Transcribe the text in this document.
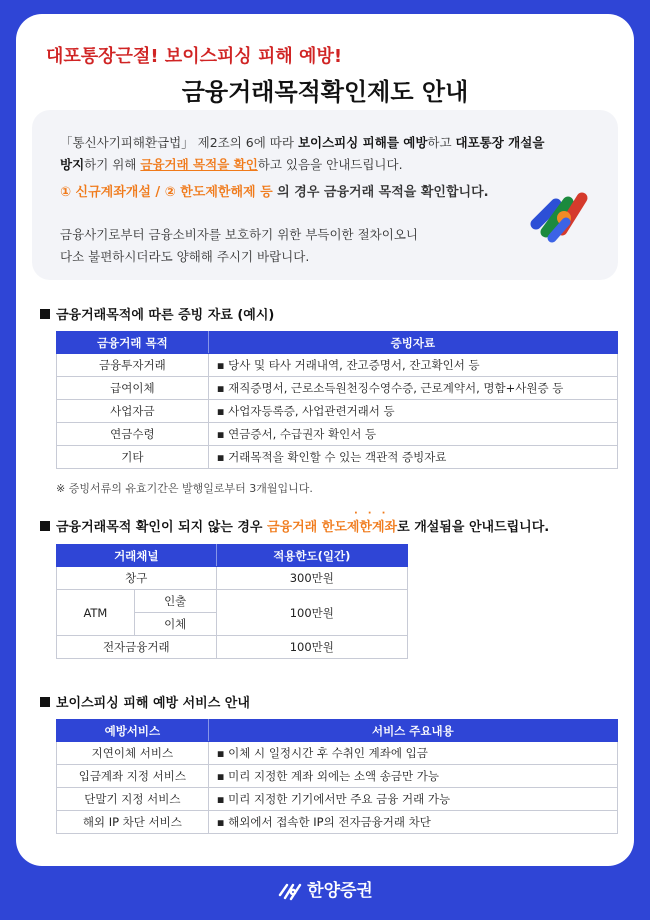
대포통장근절! 보이스피싱 피해 예방!
금융거래목적확인제도 안내

「통신사기피해환급법」 제2조의 6에 따라 보이스피싱 피해를 예방하고 대포통장 개설을
방지하기 위해 금융거래 목적을 확인하고 있음을 안내드립니다.

① 신규계좌개설 / ② 한도제한해제 등 의 경우 금융거래 목적을 확인합니다.

금융사기로부터 금융소비자를 보호하기 위한 부득이한 절차이오니
다소 불편하시더라도 양해해 주시기 바랍니다.

금융거래목적에 따른 증빙 자료 (예시)
금융거래 목적	증빙자료
금융투자거래	▪ 당사 및 타사 거래내역, 잔고증명서, 잔고확인서 등
급여이체	▪ 재직증명서, 근로소득원천징수영수증, 근로계약서, 명함+사원증 등
사업자금	▪ 사업자등록증, 사업관련거래서 등
연금수령	▪ 연금증서, 수급권자 확인서 등
기타	▪ 거래목적을 확인할 수 있는 객관적 증빙자료
※ 증빙서류의 유효기간은 발행일로부터 3개월입니다.
···
금융거래목적 확인이 되지 않는 경우 금융거래 한도제한계좌로 개설됨을 안내드립니다.
거래채널		적용한도(일간)
창구		300만원
ATM	인출	100만원
	이체	
전자금융거래		100만원
보이스피싱 피해 예방 서비스 안내
예방서비스	서비스 주요내용
지연이체 서비스	▪ 이체 시 일정시간 후 수취인 계좌에 입금
입금계좌 지정 서비스	▪ 미리 지정한 계좌 외에는 소액 송금만 가능
단말기 지정 서비스	▪ 미리 지정한 기기에서만 주요 금융 거래 가능
해외 IP 차단 서비스	▪ 해외에서 접속한 IP의 전자금융거래 차단
한양증권
